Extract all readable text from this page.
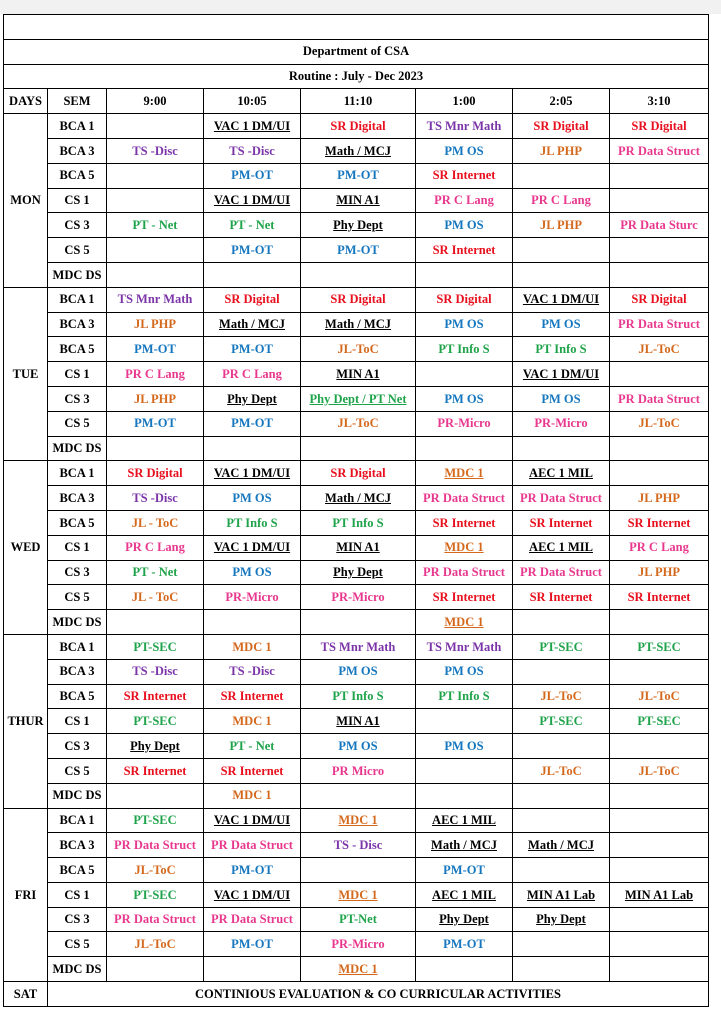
Department of CSA							
Routine : July - Dec 2023							
DAYS	SEM	9:00	10:05	11:10	1:00	2:05	3:10
MON	BCA 1		VAC 1 DM/UI	SR Digital	TS Mnr Math	SR Digital	SR Digital
	BCA 3	TS -Disc	TS -Disc	Math / MCJ	PM OS	JL PHP	PR Data Struct
	BCA 5		PM-OT	PM-OT	SR Internet		
	CS 1		VAC 1 DM/UI	MIN A1	PR C Lang	PR C Lang	
	CS 3	PT - Net	PT - Net	Phy Dept	PM OS	JL PHP	PR Data Sturc
	CS 5		PM-OT	PM-OT	SR Internet		
	MDC DS						
TUE	BCA 1	TS Mnr Math	SR Digital	SR Digital	SR Digital	VAC 1 DM/UI	SR Digital
	BCA 3	JL PHP	Math / MCJ	Math / MCJ	PM OS	PM OS	PR Data Struct
	BCA 5	PM-OT	PM-OT	JL-ToC	PT Info S	PT Info S	JL-ToC
	CS 1	PR C Lang	PR C Lang	MIN A1		VAC 1 DM/UI	
	CS 3	JL PHP	Phy Dept	Phy Dept / PT Net	PM OS	PM OS	PR Data Struct
	CS 5	PM-OT	PM-OT	JL-ToC	PR-Micro	PR-Micro	JL-ToC
	MDC DS						
WED	BCA 1	SR Digital	VAC 1 DM/UI	SR Digital	MDC 1	AEC 1 MIL	
	BCA 3	TS -Disc	PM OS	Math / MCJ	PR Data Struct	PR Data Struct	JL PHP
	BCA 5	JL - ToC	PT Info S	PT Info S	SR Internet	SR Internet	SR Internet
	CS 1	PR C Lang	VAC 1 DM/UI	MIN A1	MDC 1	AEC 1 MIL	PR C Lang
	CS 3	PT - Net	PM OS	Phy Dept	PR Data Struct	PR Data Struct	JL PHP
	CS 5	JL - ToC	PR-Micro	PR-Micro	SR Internet	SR Internet	SR Internet
	MDC DS				MDC 1		
THUR	BCA 1	PT-SEC	MDC 1	TS Mnr Math	TS Mnr Math	PT-SEC	PT-SEC
	BCA 3	TS -Disc	TS -Disc	PM OS	PM OS		
	BCA 5	SR Internet	SR Internet	PT Info S	PT Info S	JL-ToC	JL-ToC
	CS 1	PT-SEC	MDC 1	MIN A1		PT-SEC	PT-SEC
	CS 3	Phy Dept	PT - Net	PM OS	PM OS		
	CS 5	SR Internet	SR Internet	PR Micro		JL-ToC	JL-ToC
	MDC DS		MDC 1				
FRI	BCA 1	PT-SEC	VAC 1 DM/UI	MDC 1	AEC 1 MIL		
	BCA 3	PR Data Struct	PR Data Struct	TS - Disc	Math / MCJ	Math / MCJ	
	BCA 5	JL-ToC	PM-OT		PM-OT		
	CS 1	PT-SEC	VAC 1 DM/UI	MDC 1	AEC 1 MIL	MIN A1 Lab	MIN A1 Lab
	CS 3	PR Data Struct	PR Data Struct	PT-Net	Phy Dept	Phy Dept	
	CS 5	JL-ToC	PM-OT	PR-Micro	PM-OT		
	MDC DS			MDC 1			
SAT	CONTINIOUS EVALUATION & CO CURRICULAR ACTIVITIES						
